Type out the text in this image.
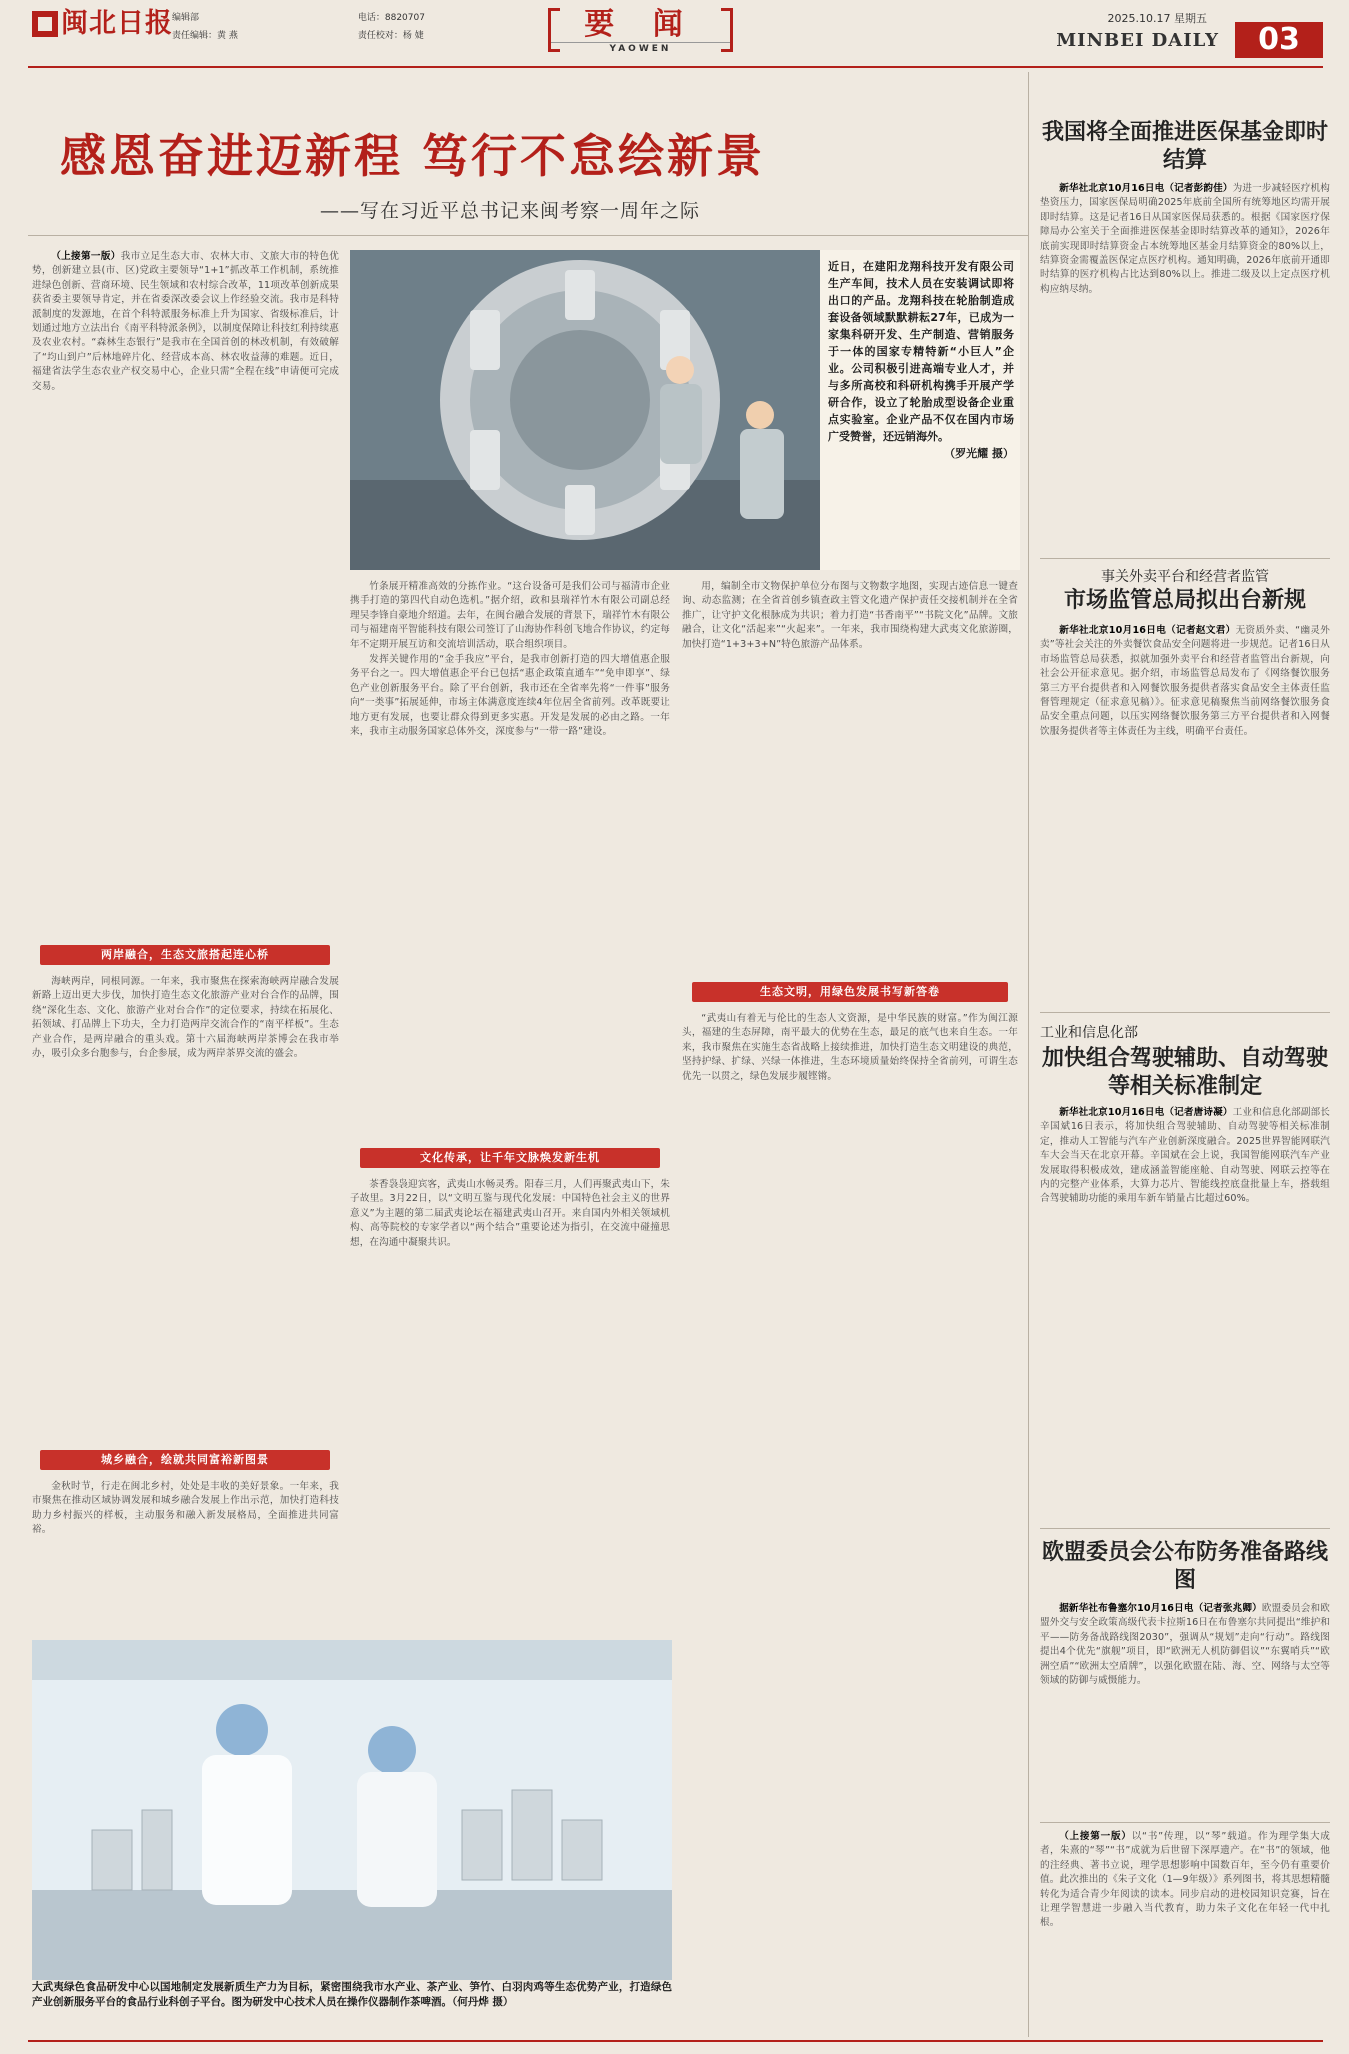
闽北日报 编辑部	电话：8820707
责任编辑：黄 燕	责任校对：杨 婕	要 闻
YAOWEN
2025.10.17 星期五
MINBEI DAILY	03
感恩奋进迈新程 笃行不怠绘新景
——写在习近平总书记来闽考察一周年之际

（上接第一版）我市立足生态大市、农林大市、文旅大市的特色优势，创新建立县(市、区)党政主要领导“1+1”抓改革工作机制，系统推进绿色创新、营商环境、民生领域和农村综合改革，11项改革创新成果获省委主要领导肯定，并在省委深改委会议上作经验交流。我市是科特派制度的发源地，在首个科特派服务标准上升为国家、省级标准后，计划通过地方立法出台《南平科特派条例》，以制度保障让科技红利持续惠及农业农村。“森林生态银行”是我市在全国首创的林改机制，有效破解了“均山到户”后林地碎片化、经营成本高、林农收益薄的难题。近日，福建省法学生态农业产权交易中心，企业只需“全程在线”申请便可完成交易。

两岸融合，生态文旅搭起连心桥

海峡两岸，同根同源。一年来，我市聚焦在探索海峡两岸融合发展新路上迈出更大步伐，加快打造生态文化旅游产业对台合作的品牌，围绕“深化生态、文化、旅游产业对台合作”的定位要求，持续在拓展化、拓领域、打品牌上下功夫，全力打造两岸交流合作的“南平样板”。生态产业合作，是两岸融合的重头戏。第十六届海峡两岸茶博会在我市举办，吸引众多台胞参与，台企参展，成为两岸茶界交流的盛会。

城乡融合，绘就共同富裕新图景

金秋时节，行走在闽北乡村，处处是丰收的美好景象。一年来，我市聚焦在推动区域协调发展和城乡融合发展上作出示范，加快打造科技助力乡村振兴的样板，主动服务和融入新发展格局，全面推进共同富裕。

近日，在建阳龙翔科技开发有限公司生产车间，技术人员在安装调试即将出口的产品。龙翔科技在轮胎制造成套设备领域默默耕耘27年，已成为一家集科研开发、生产制造、营销服务于一体的国家专精特新“小巨人”企业。公司积极引进高端专业人才，并与多所高校和科研机构携手开展产学研合作，设立了轮胎成型设备企业重点实验室。企业产品不仅在国内市场广受赞誉，还远销海外。
（罗光耀 摄）

竹条展开精准高效的分拣作业。“这台设备可是我们公司与福清市企业携手打造的第四代自动色选机。”据介绍，政和县瑞祥竹木有限公司副总经理吴李锋自豪地介绍道。去年，在闽台融合发展的背景下，瑞祥竹木有限公司与福建南平智能科技有限公司签订了山海协作科创飞地合作协议，约定每年不定期开展互访和交流培训活动，联合组织项目。

发挥关键作用的“金手我应”平台，是我市创新打造的四大增值惠企服务平台之一。四大增值惠企平台已包括“惠企政策直通车”“免申即享”、绿色产业创新服务平台。除了平台创新，我市还在全省率先将“一件事”服务向“一类事”拓展延伸，市场主体满意度连续4年位居全省前列。改革既要让地方更有发展，也要让群众得到更多实惠。开发是发展的必由之路。一年来，我市主动服务国家总体外交，深度参与“一带一路”建设。

文化传承，让千年文脉焕发新生机

茶香袅袅迎宾客，武夷山水畅灵秀。阳春三月，人们再聚武夷山下，朱子故里。3月22日，以“文明互鉴与现代化发展：中国特色社会主义的世界意义”为主题的第二届武夷论坛在福建武夷山召开。来自国内外相关领域机构、高等院校的专家学者以“两个结合”重要论述为指引，在交流中碰撞思想，在沟通中凝聚共识。

用，编制全市文物保护单位分布图与文物数字地图，实现古迹信息一键查询、动态监测；在全省首创乡镇查政主管文化遗产保护责任交接机制并在全省推广，让守护文化根脉成为共识；着力打造“书香南平”“书院文化”品牌。文旅融合，让文化“活起来”“火起来”。一年来，我市围绕构建大武夷文化旅游圈，加快打造“1+3+3+N”特色旅游产品体系。

生态文明，用绿色发展书写新答卷

“武夷山有着无与伦比的生态人文资源，是中华民族的财富。”作为闽江源头，福建的生态屏障，南平最大的优势在生态，最足的底气也来自生态。一年来，我市聚焦在实施生态省战略上接续推进，加快打造生态文明建设的典范，坚持护绿、扩绿、兴绿一体推进，生态环境质量始终保持全省前列，可谓生态优先一以贯之，绿色发展步履铿锵。

大武夷绿色食品研发中心以国地制定发展新质生产力为目标，紧密围绕我市水产业、茶产业、笋竹、白羽肉鸡等生态优势产业，打造绿色产业创新服务平台的食品行业科创子平台。图为研发中心技术人员在操作仪器制作茶啤酒。（何丹烨 摄）
我国将全面推进医保基金即时结算

新华社北京10月16日电（记者彭韵佳）为进一步减轻医疗机构垫资压力，国家医保局明确2025年底前全国所有统筹地区均需开展即时结算。这是记者16日从国家医保局获悉的。根据《国家医疗保障局办公室关于全面推进医保基金即时结算改革的通知》，2026年底前实现即时结算资金占本统筹地区基金月结算资金的80%以上，结算资金需覆盖医保定点医疗机构。通知明确，2026年底前开通即时结算的医疗机构占比达到80%以上。推进二级及以上定点医疗机构应纳尽纳。

事关外卖平台和经营者监管
市场监管总局拟出台新规

新华社北京10月16日电（记者赵文君）无资质外卖、“幽灵外卖”等社会关注的外卖餐饮食品安全问题将进一步规范。记者16日从市场监管总局获悉，拟就加强外卖平台和经营者监管出台新规，向社会公开征求意见。据介绍，市场监管总局发布了《网络餐饮服务第三方平台提供者和入网餐饮服务提供者落实食品安全主体责任监督管理规定（征求意见稿）》。征求意见稿聚焦当前网络餐饮服务食品安全重点问题，以压实网络餐饮服务第三方平台提供者和入网餐饮服务提供者等主体责任为主线，明确平台责任。

工业和信息化部
加快组合驾驶辅助、自动驾驶等相关标准制定

新华社北京10月16日电（记者唐诗凝）工业和信息化部副部长辛国斌16日表示，将加快组合驾驶辅助、自动驾驶等相关标准制定，推动人工智能与汽车产业创新深度融合。2025世界智能网联汽车大会当天在北京开幕。辛国斌在会上说，我国智能网联汽车产业发展取得积极成效，建成涵盖智能座舱、自动驾驶、网联云控等在内的完整产业体系，大算力芯片、智能线控底盘批量上车，搭载组合驾驶辅助功能的乘用车新车销量占比超过60%。

欧盟委员会公布防务准备路线图

据新华社布鲁塞尔10月16日电（记者张兆卿）欧盟委员会和欧盟外交与安全政策高级代表卡拉斯16日在布鲁塞尔共同提出“维护和平——防务备战路线图2030”，强调从“规划”走向“行动”。路线图提出4个优先“旗舰”项目，即“欧洲无人机防御倡议”“东翼哨兵”“欧洲空盾”“欧洲太空盾牌”，以强化欧盟在陆、海、空、网络与太空等领域的防御与威慑能力。

（上接第一版）以“书”传理，以“琴”载道。作为理学集大成者，朱熹的“琴”“书”成就为后世留下深厚遗产。在“书”的领域，他的注经典、著书立说，理学思想影响中国数百年，至今仍有重要价值。此次推出的《朱子文化（1—9年级）》系列图书，将其思想精髓转化为适合青少年阅读的读本。同步启动的进校园知识竞赛，旨在让理学智慧进一步融入当代教育，助力朱子文化在年轻一代中扎根。
